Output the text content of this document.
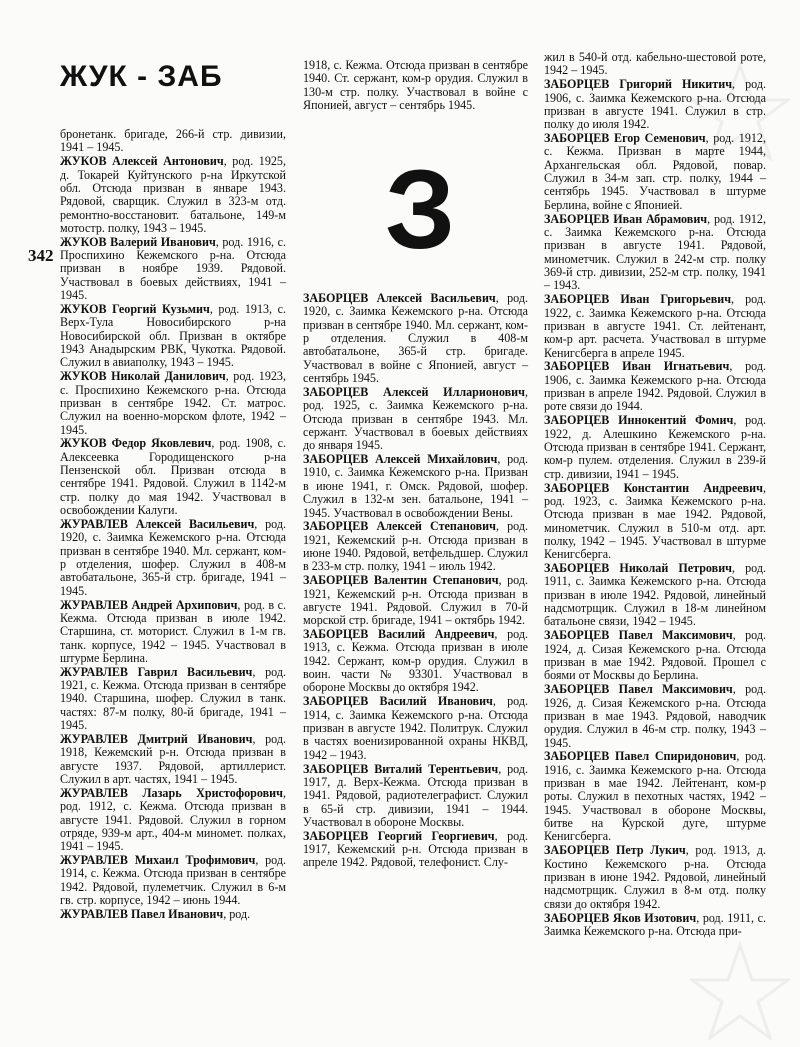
ЖУК - ЗАБ
342
бронетанк. бригаде, 266-й стр. дивизии, 1941 – 1945.
ЖУКОВ Алексей Антонович, род. 1925, д. Токарей Куйтунского р-на Иркутской обл. Отсюда призван в январе 1943. Рядовой, сварщик. Служил в 323-м отд. ремонтно-восстановит. батальоне, 149-м мотостр. полку, 1943 – 1945.
ЖУКОВ Валерий Иванович, род. 1916, с. Проспихино Кежемского р-на. Отсюда призван в ноябре 1939. Рядовой. Участвовал в боевых действиях, 1941 – 1945.
ЖУКОВ Георгий Кузьмич, род. 1913, с. Верх-Тула Новосибирского р-на Новосибирской обл. Призван в октябре 1943 Анадырским РВК, Чукотка. Рядовой. Служил в авиаполку, 1943 – 1945.
ЖУКОВ Николай Данилович, род. 1923, с. Проспихино Кежемского р-на. Отсюда призван в сентябре 1942. Ст. матрос. Служил на военно-морском флоте, 1942 – 1945.
ЖУКОВ Федор Яковлевич, род. 1908, с. Алексеевка Городищенского р-на Пензенской обл. Призван отсюда в сентябре 1941. Рядовой. Служил в 1142-м стр. полку до мая 1942. Участвовал в освобождении Калуги.
ЖУРАВЛЕВ Алексей Васильевич, род. 1920, с. Заимка Кежемского р-на. Отсюда призван в сентябре 1940. Мл. сержант, ком-р отделения, шофер. Служил в 408-м автобатальоне, 365-й стр. бригаде, 1941 – 1945.
ЖУРАВЛЕВ Андрей Архипович, род. в с. Кежма. Отсюда призван в июле 1942. Старшина, ст. моторист. Служил в 1-м гв. танк. корпусе, 1942 – 1945. Участвовал в штурме Берлина.
ЖУРАВЛЕВ Гаврил Васильевич, род. 1921, с. Кежма. Отсюда призван в сентябре 1940. Старшина, шофер. Служил в танк. частях: 87-м полку, 80-й бригаде, 1941 – 1945.
ЖУРАВЛЕВ Дмитрий Иванович, род. 1918, Кежемский р-н. Отсюда призван в августе 1937. Рядовой, артиллерист. Служил в арт. частях, 1941 – 1945.
ЖУРАВЛЕВ Лазарь Христофорович, род. 1912, с. Кежма. Отсюда призван в августе 1941. Рядовой. Служил в горном отряде, 939-м арт., 404-м миномет. полках, 1941 – 1945.
ЖУРАВЛЕВ Михаил Трофимович, род. 1914, с. Кежма. Отсюда призван в сентябре 1942. Рядовой, пулеметчик. Служил в 6-м гв. стр. корпусе, 1942 – июнь 1944.
ЖУРАВЛЕВ Павел Иванович, род.
1918, с. Кежма. Отсюда призван в сентябре 1940. Ст. сержант, ком-р орудия. Служил в 130-м стр. полку. Участвовал в войне с Японией, август – сентябрь 1945.
З
ЗАБОРЦЕВ Алексей Васильевич, род. 1920, с. Заимка Кежемского р-на. Отсюда призван в сентябре 1940. Мл. сержант, ком-р отделения. Служил в 408-м автобатальоне, 365-й стр. бригаде. Участвовал в войне с Японией, август – сентябрь 1945.
ЗАБОРЦЕВ Алексей Илларионович, род. 1925, с. Заимка Кежемского р-на. Отсюда призван в сентябре 1943. Мл. сержант. Участвовал в боевых действиях до января 1945.
ЗАБОРЦЕВ Алексей Михайлович, род. 1910, с. Заимка Кежемского р-на. Призван в июне 1941, г. Омск. Рядовой, шофер. Служил в 132-м зен. батальоне, 1941 – 1945. Участвовал в освобождении Вены.
ЗАБОРЦЕВ Алексей Степанович, род. 1921, Кежемский р-н. Отсюда призван в июне 1940. Рядовой, ветфельдшер. Служил в 233-м стр. полку, 1941 – июль 1942.
ЗАБОРЦЕВ Валентин Степанович, род. 1921, Кежемский р-н. Отсюда призван в августе 1941. Рядовой. Служил в 70-й морской стр. бригаде, 1941 – октябрь 1942.
ЗАБОРЦЕВ Василий Андреевич, род. 1913, с. Кежма. Отсюда призван в июле 1942. Сержант, ком-р орудия. Служил в воин. части № 93301. Участвовал в обороне Москвы до октября 1942.
ЗАБОРЦЕВ Василий Иванович, род. 1914, с. Заимка Кежемского р-на. Отсюда призван в августе 1942. Политрук. Служил в частях военизированной охраны НКВД, 1942 – 1943.
ЗАБОРЦЕВ Виталий Терентьевич, род. 1917, д. Верх-Кежма. Отсюда призван в 1941. Рядовой, радиотелеграфист. Служил в 65-й стр. дивизии, 1941 – 1944. Участвовал в обороне Москвы.
ЗАБОРЦЕВ Георгий Георгиевич, род. 1917, Кежемский р-н. Отсюда призван в апреле 1942. Рядовой, телефонист. Слу-
жил в 540-й отд. кабельно-шестовой роте, 1942 – 1945.
ЗАБОРЦЕВ Григорий Никитич, род. 1906, с. Заимка Кежемского р-на. Отсюда призван в августе 1941. Служил в стр. полку до июля 1942.
ЗАБОРЦЕВ Егор Семенович, род. 1912, с. Кежма. Призван в марте 1944, Архангельская обл. Рядовой, повар. Служил в 34-м зап. стр. полку, 1944 – сентябрь 1945. Участвовал в штурме Берлина, войне с Японией.
ЗАБОРЦЕВ Иван Абрамович, род. 1912, с. Заимка Кежемского р-на. Отсюда призван в августе 1941. Рядовой, минометчик. Служил в 242-м стр. полку 369-й стр. дивизии, 252-м стр. полку, 1941 – 1943.
ЗАБОРЦЕВ Иван Григорьевич, род. 1922, с. Заимка Кежемского р-на. Отсюда призван в августе 1941. Ст. лейтенант, ком-р арт. расчета. Участвовал в штурме Кенигсберга в апреле 1945.
ЗАБОРЦЕВ Иван Игнатьевич, род. 1906, с. Заимка Кежемского р-на. Отсюда призван в апреле 1942. Рядовой. Служил в роте связи до 1944.
ЗАБОРЦЕВ Иннокентий Фомич, род. 1922, д. Алешкино Кежемского р-на. Отсюда призван в сентябре 1941. Сержант, ком-р пулем. отделения. Служил в 239-й стр. дивизии, 1941 – 1945.
ЗАБОРЦЕВ Константин Андреевич, род. 1923, с. Заимка Кежемского р-на. Отсюда призван в мае 1942. Рядовой, минометчик. Служил в 510-м отд. арт. полку, 1942 – 1945. Участвовал в штурме Кенигсберга.
ЗАБОРЦЕВ Николай Петрович, род. 1911, с. Заимка Кежемского р-на. Отсюда призван в июле 1942. Рядовой, линейный надсмотрщик. Служил в 18-м линейном батальоне связи, 1942 – 1945.
ЗАБОРЦЕВ Павел Максимович, род. 1924, д. Сизая Кежемского р-на. Отсюда призван в мае 1942. Рядовой. Прошел с боями от Москвы до Берлина.
ЗАБОРЦЕВ Павел Максимович, род. 1926, д. Сизая Кежемского р-на. Отсюда призван в мае 1943. Рядовой, наводчик орудия. Служил в 46-м стр. полку, 1943 – 1945.
ЗАБОРЦЕВ Павел Спиридонович, род. 1916, с. Заимка Кежемского р-на. Отсюда призван в мае 1942. Лейтенант, ком-р роты. Служил в пехотных частях, 1942 – 1945. Участвовал в обороне Москвы, битве на Курской дуге, штурме Кенигсберга.
ЗАБОРЦЕВ Петр Лукич, род. 1913, д. Костино Кежемского р-на. Отсюда призван в июне 1942. Рядовой, линейный надсмотрщик. Служил в 8-м отд. полку связи до октября 1942.
ЗАБОРЦЕВ Яков Изотович, род. 1911, с. Заимка Кежемского р-на. Отсюда при-
